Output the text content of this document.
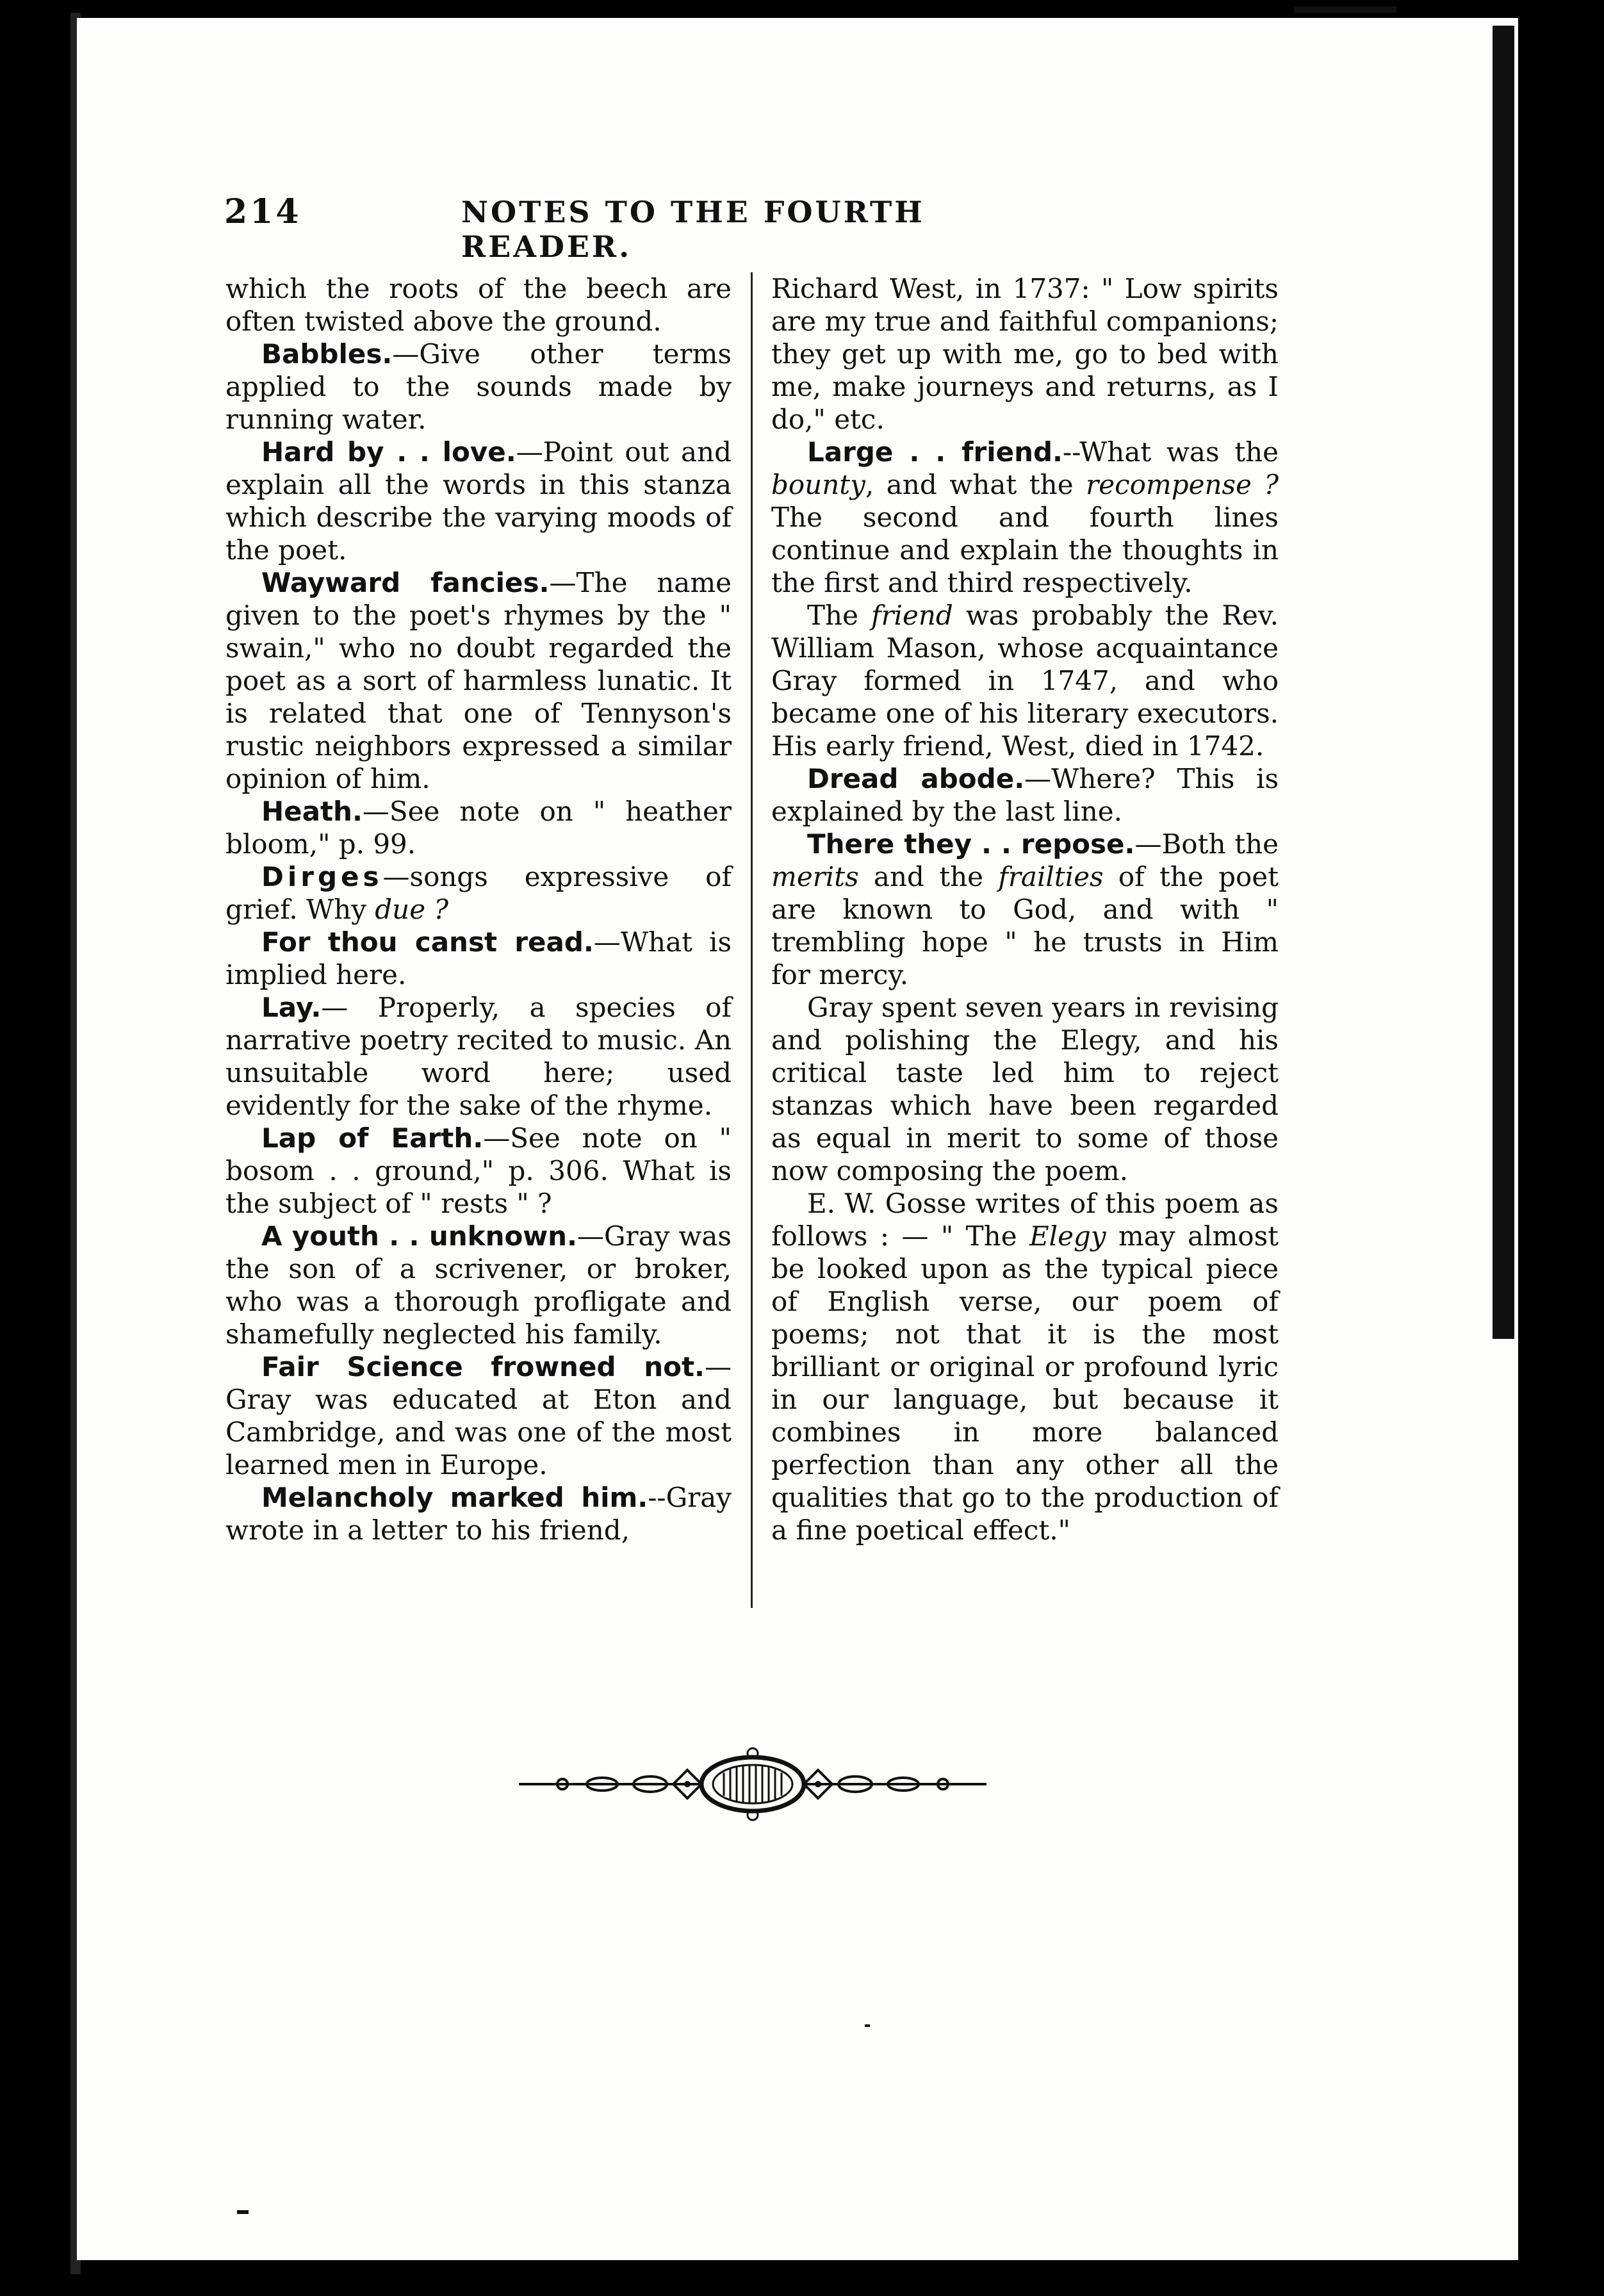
214	NOTES TO THE FOURTH READER.

which the roots of the beech are often twisted above the ground.

Babbles.—Give other terms applied to the sounds made by running water.

Hard by . . love.—Point out and explain all the words in this stanza which describe the varying moods of the poet.

Wayward fancies.—The name given to the poet's rhymes by the " swain," who no doubt regarded the poet as a sort of harmless lunatic. It is related that one of Tennyson's rustic neighbors expressed a similar opinion of him.

Heath.—See note on " heather bloom," p. 99.

Dirges—songs expressive of grief. Why due ?

For thou canst read.—What is implied here.

Lay.— Properly, a species of narrative poetry recited to music. An unsuitable word here; used evidently for the sake of the rhyme.

Lap of Earth.—See note on " bosom . . ground," p. 306. What is the subject of " rests " ?

A youth . . unknown.—Gray was the son of a scrivener, or broker, who was a thorough profligate and shamefully neglected his family.

Fair Science frowned not.— Gray was educated at Eton and Cambridge, and was one of the most learned men in Europe.

Melancholy marked him.--Gray wrote in a letter to his friend,

Richard West, in 1737: " Low spirits are my true and faithful companions; they get up with me, go to bed with me, make journeys and returns, as I do," etc.

Large . . friend.--What was the bounty, and what the recompense ? The second and fourth lines continue and explain the thoughts in the first and third respectively.

The friend was probably the Rev. William Mason, whose acquaintance Gray formed in 1747, and who became one of his literary executors. His early friend, West, died in 1742.

Dread abode.—Where? This is explained by the last line.

There they . . repose.—Both the merits and the frailties of the poet are known to God, and with " trembling hope " he trusts in Him for mercy.

Gray spent seven years in revising and polishing the Elegy, and his critical taste led him to reject stanzas which have been regarded as equal in merit to some of those now composing the poem.

E. W. Gosse writes of this poem as follows : — " The Elegy may almost be looked upon as the typical piece of English verse, our poem of poems; not that it is the most brilliant or original or profound lyric in our language, but because it combines in more balanced perfection than any other all the qualities that go to the production of a fine poetical effect."
